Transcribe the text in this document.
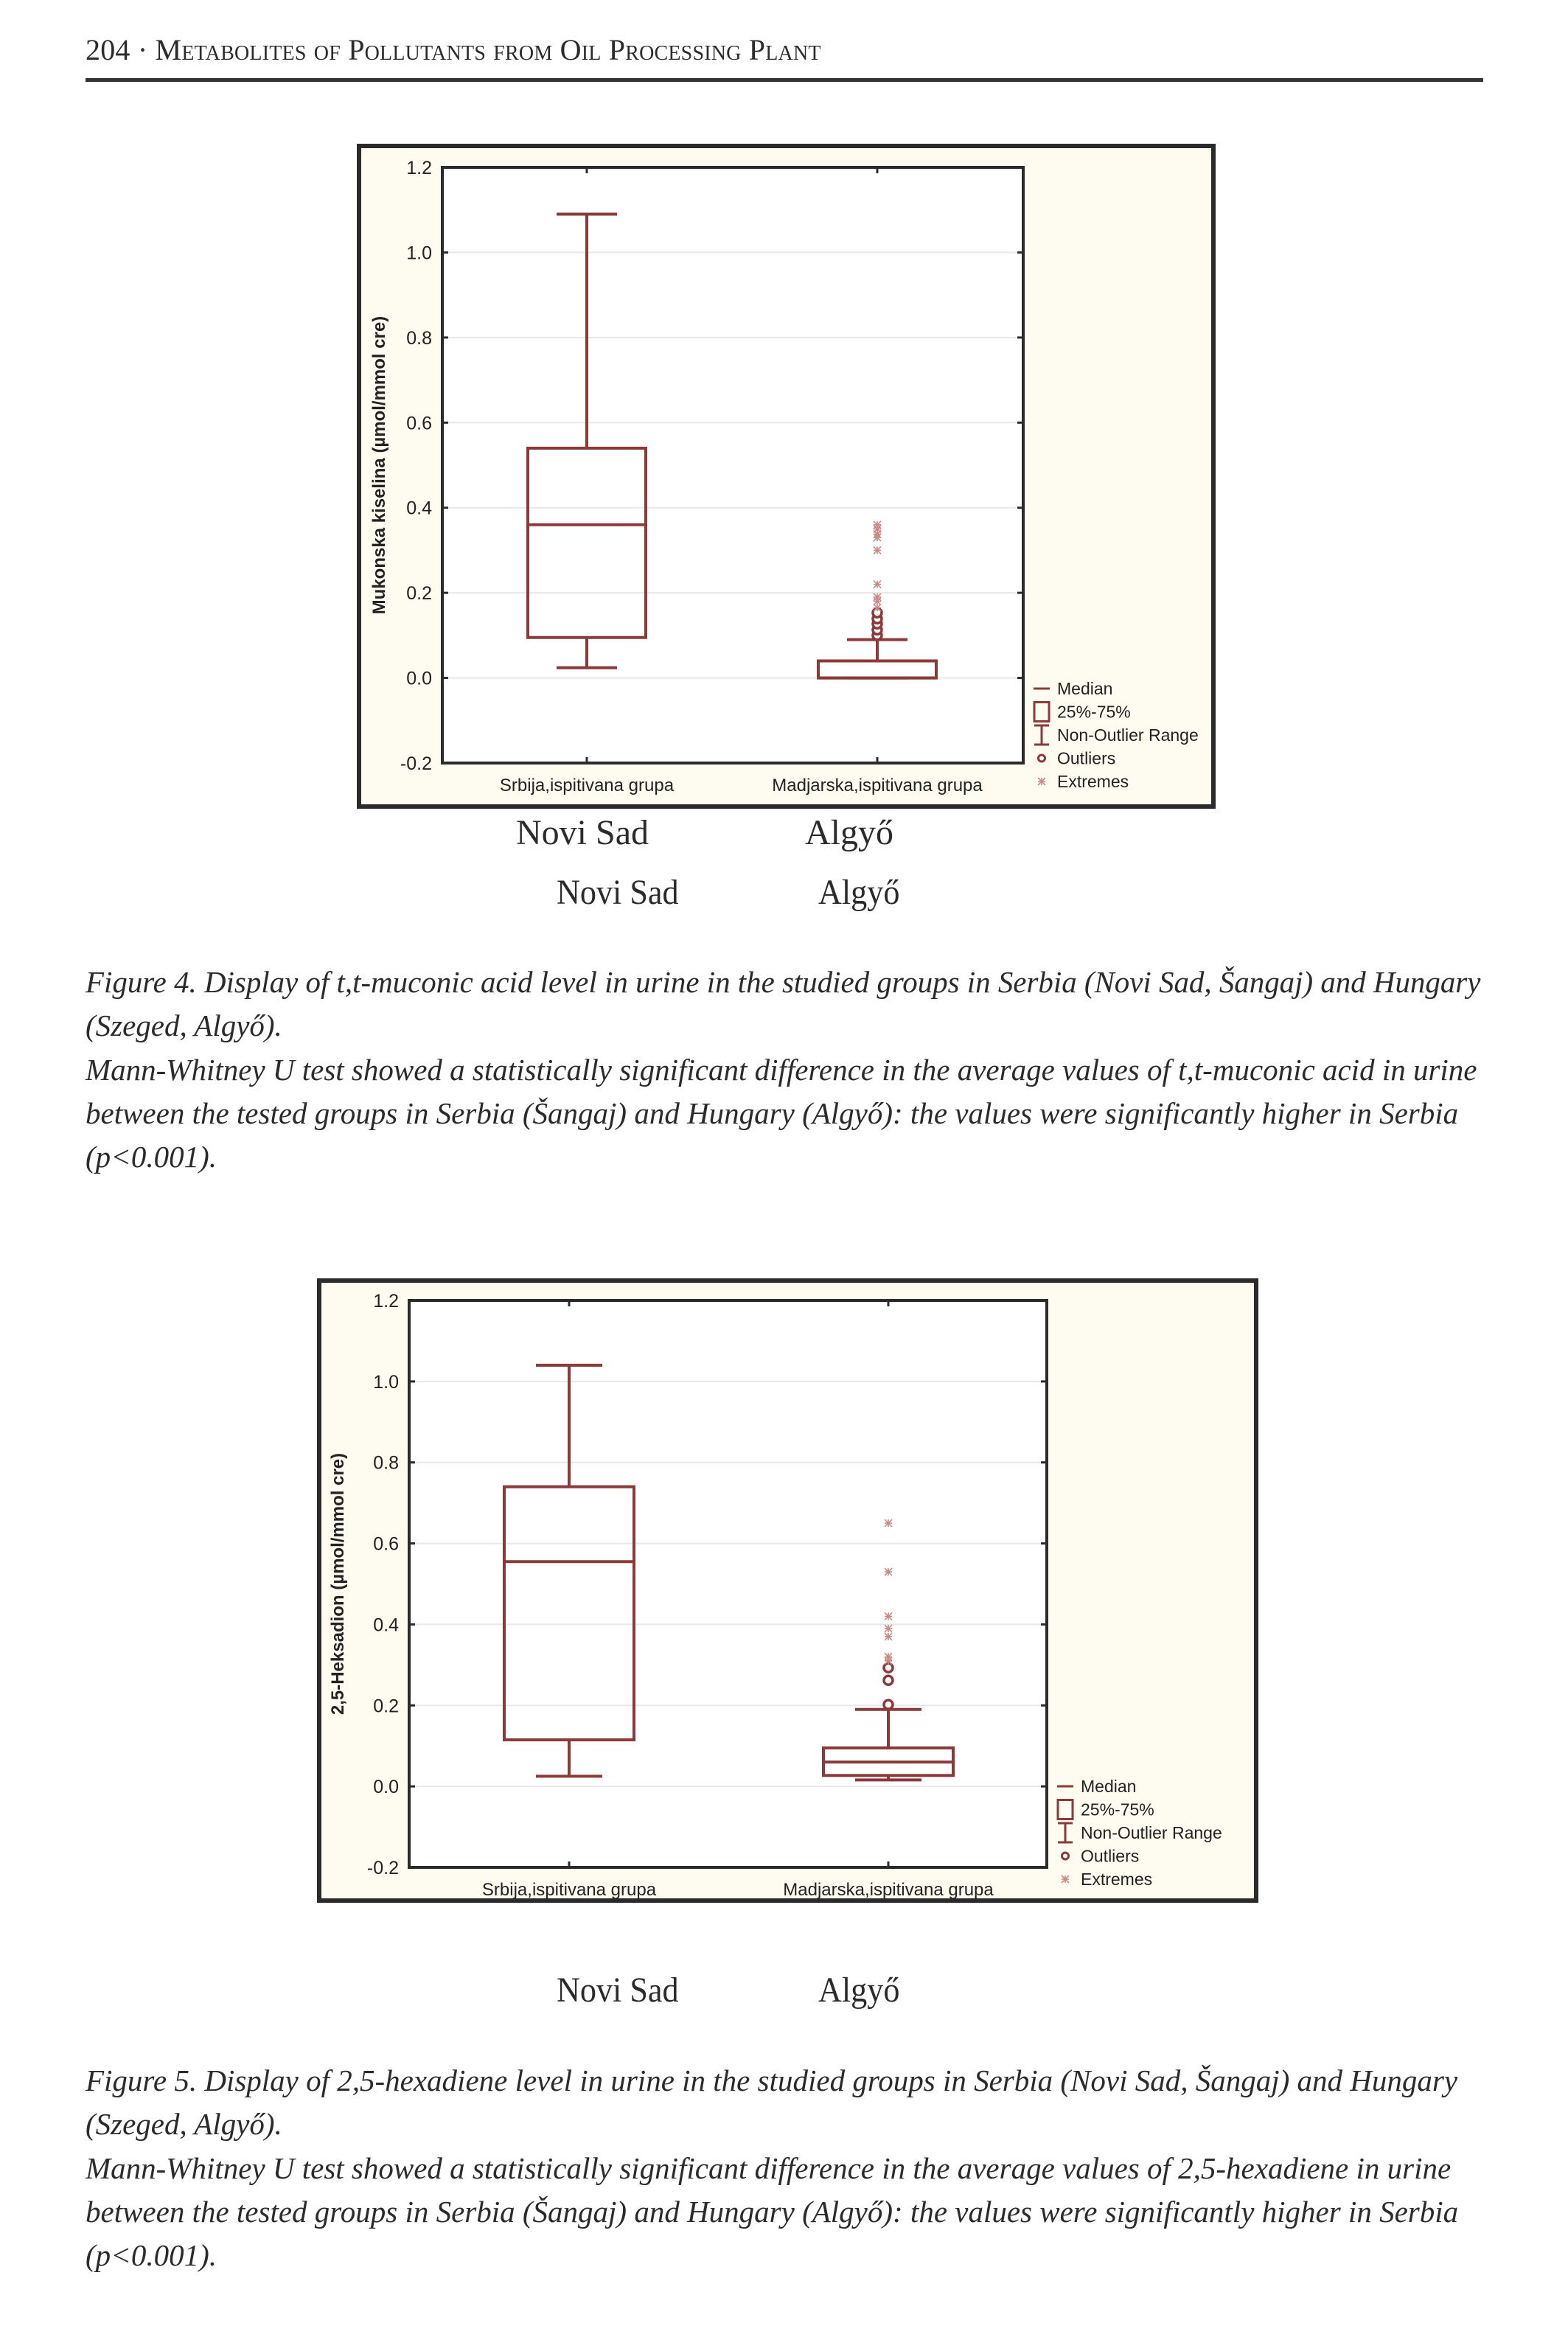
204 · Metabolites of Pollutants from Oil Processing Plant
-0.2
0.0
0.2
0.4
0.6
0.8
1.0
1.2
Mukonska kiselina (µmol/mmol cre)
Srbija,ispitivana grupa	Madjarska,ispitivana grupa
Median
25%-75%
Non-Outlier Range
Outliers
Extremes
Novi Sad	Algyő
Novi Sad	Algyő
Figure 4. Display of t,t-muconic acid level in urine in the studied groups in Serbia (Novi Sad, Šangaj) and Hungary
(Szeged, Algyő).
Mann-Whitney U test showed a statistically significant difference in the average values of t,t-muconic acid in urine
between the tested groups in Serbia (Šangaj) and Hungary (Algyő): the values were significantly higher in Serbia
(p<0.001).
-0.2
0.0
0.2
0.4
0.6
0.8
1.0
1.2
2,5-Heksadion (µmol/mmol cre)
Srbija,ispitivana grupa	Madjarska,ispitivana grupa
Median
25%-75%
Non-Outlier Range
Outliers
Extremes
Novi Sad	Algyő
Figure 5. Display of 2,5-hexadiene level in urine in the studied groups in Serbia (Novi Sad, Šangaj) and Hungary
(Szeged, Algyő).
Mann-Whitney U test showed a statistically significant difference in the average values of 2,5-hexadiene in urine
between the tested groups in Serbia (Šangaj) and Hungary (Algyő): the values were significantly higher in Serbia
(p<0.001).
